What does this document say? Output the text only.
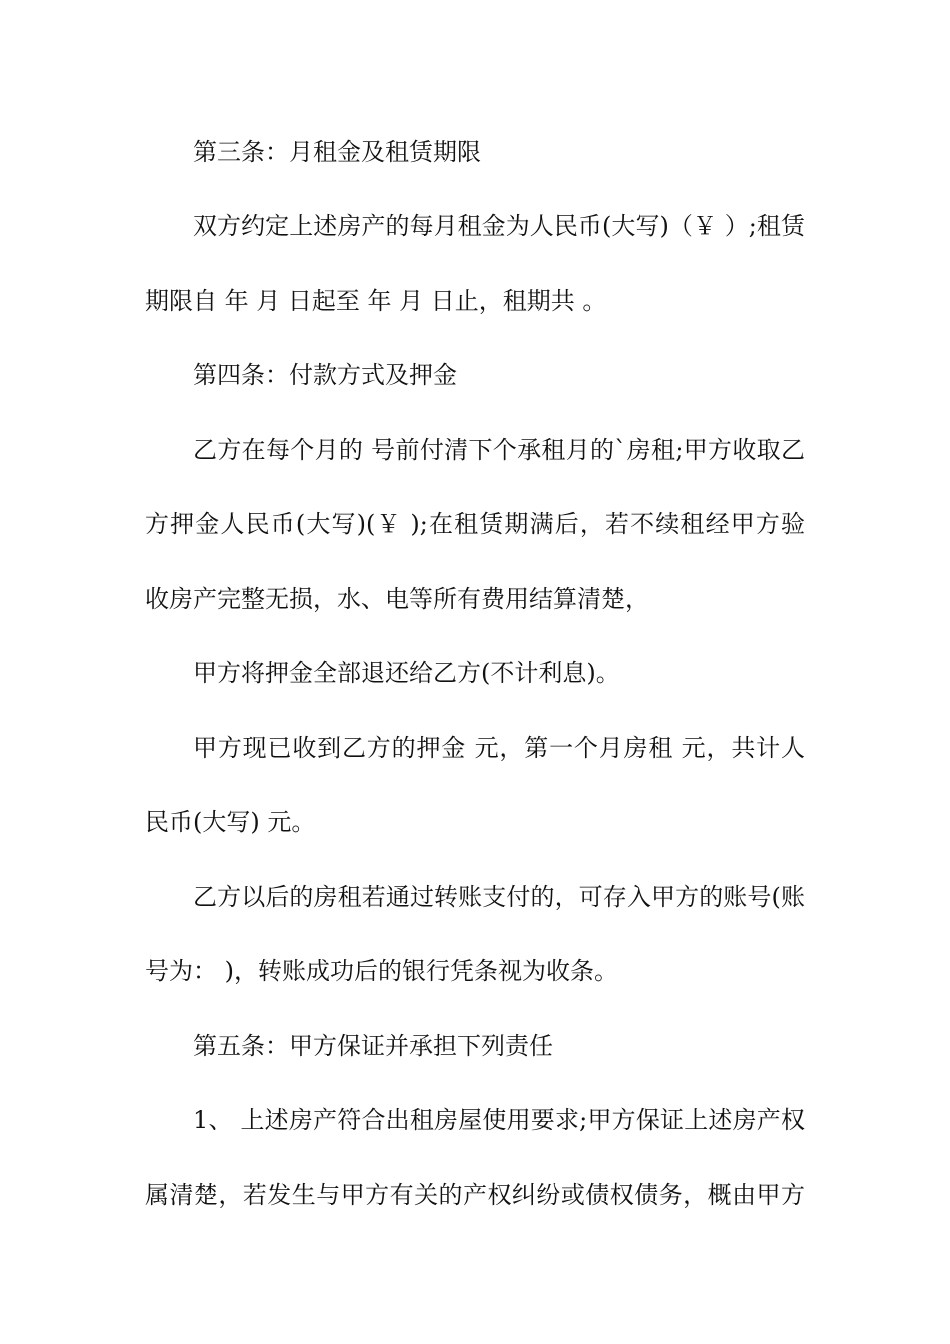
第三条：月租金及租赁期限
双方约定上述房产的每月租金为人民币(大写)（￥ ）;租赁
期限自 年 月 日起至 年 月 日止，租期共 。
第四条：付款方式及押金
乙方在每个月的 号前付清下个承租月的`房租;甲方收取乙
方押金人民币(大写)(￥ );在租赁期满后，若不续租经甲方验
收房产完整无损，水、电等所有费用结算清楚，
甲方将押金全部退还给乙方(不计利息)。
甲方现已收到乙方的押金 元，第一个月房租 元，共计人
民币(大写) 元。
乙方以后的房租若通过转账支付的，可存入甲方的账号(账
号为： )，转账成功后的银行凭条视为收条。
第五条：甲方保证并承担下列责任
1、 上述房产符合出租房屋使用要求;甲方保证上述房产权
属清楚，若发生与甲方有关的产权纠纷或债权债务，概由甲方
